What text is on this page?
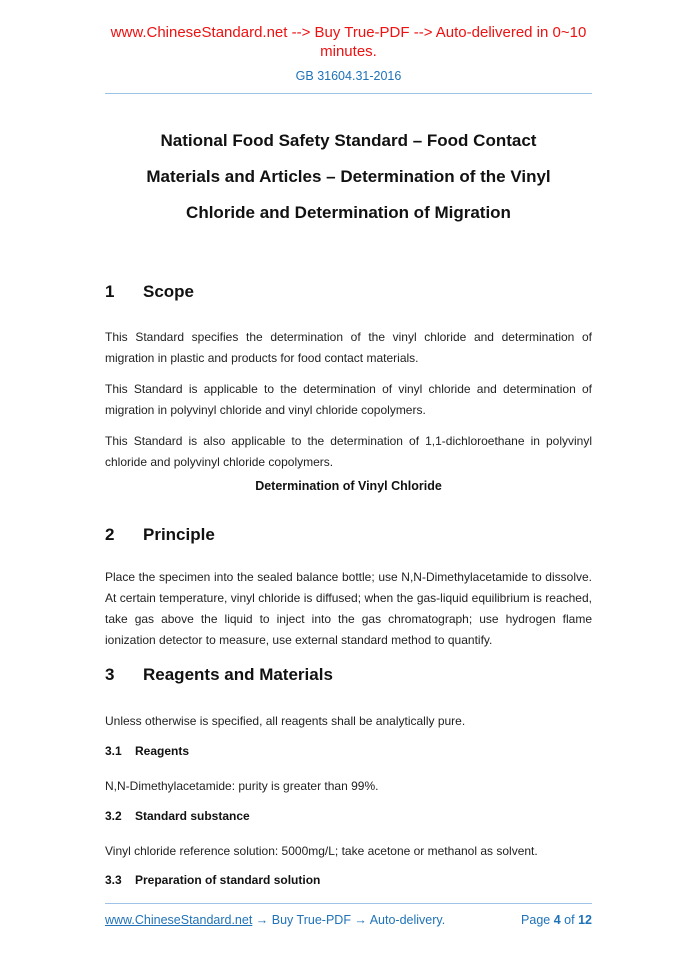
www.ChineseStandard.net --> Buy True-PDF --> Auto-delivered in 0~10 minutes.
GB 31604.31-2016
National Food Safety Standard – Food Contact
Materials and Articles – Determination of the Vinyl
Chloride and Determination of Migration
1 Scope

This Standard specifies the determination of the vinyl chloride and determination of migration in plastic and products for food contact materials.

This Standard is applicable to the determination of vinyl chloride and determination of migration in polyvinyl chloride and vinyl chloride copolymers.

This Standard is also applicable to the determination of 1,1-dichloroethane in polyvinyl chloride and polyvinyl chloride copolymers.

Determination of Vinyl Chloride
2 Principle

Place the specimen into the sealed balance bottle; use N,N-Dimethylacetamide to dissolve. At certain temperature, vinyl chloride is diffused; when the gas-liquid equilibrium is reached, take gas above the liquid to inject into the gas chromatograph; use hydrogen flame ionization detector to measure, use external standard method to quantify.

3 Reagents and Materials

Unless otherwise is specified, all reagents shall be analytically pure.

3.1 Reagents

N,N-Dimethylacetamide: purity is greater than 99%.

3.2 Standard substance

Vinyl chloride reference solution: 5000mg/L; take acetone or methanol as solvent.

3.3 Preparation of standard solution
www.ChineseStandard.net → Buy True-PDF → Auto-delivery.	Page 4 of 12
